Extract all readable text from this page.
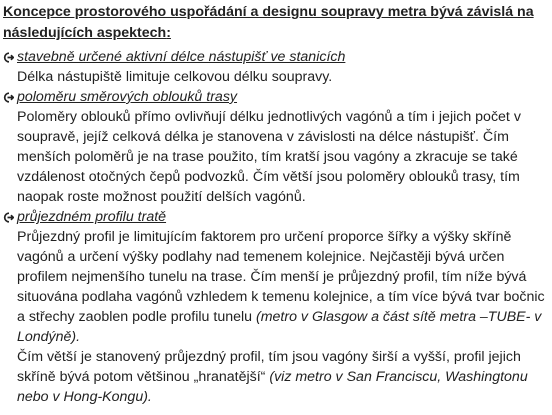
Koncepce prostorového uspořádání a designu soupravy metra bývá závislá na následujících aspektech:
stavebně určené aktivní délce nástupišť ve stanicích

Délka nástupiště limituje celkovou délku soupravy.

poloměru směrových oblouků trasy

Poloměry oblouků přímo ovlivňují délku jednotlivých vagónů a tím i jejich počet v soupravě, jejíž celková délka je stanovena v závislosti na délce nástupišť. Čím menších poloměrů je na trase použito, tím kratší jsou vagóny a zkracuje se také vzdálenost otočných čepů podvozků. Čím větší jsou poloměry oblouků trasy, tím naopak roste možnost použití delších vagónů.

průjezdném profilu tratě

Průjezdný profil je limitujícím faktorem pro určení proporce šířky a výšky skříně vagónů a určení výšky podlahy nad temenem kolejnice. Nejčastěji bývá určen profilem nejmenšího tunelu na trase. Čím menší je průjezdný profil, tím níže bývá situována podlaha vagónů vzhledem k temenu kolejnice, a tím více bývá tvar bočnic a střechy zaoblen podle profilu tunelu (metro v Glasgow a část sítě metra –TUBE- v Londýně).

Čím větší je stanovený průjezdný profil, tím jsou vagóny širší a vyšší, profil jejich skříně bývá potom většinou „hranatější“ (viz metro v San Franciscu, Washingtonu nebo v Hong-Kongu).
